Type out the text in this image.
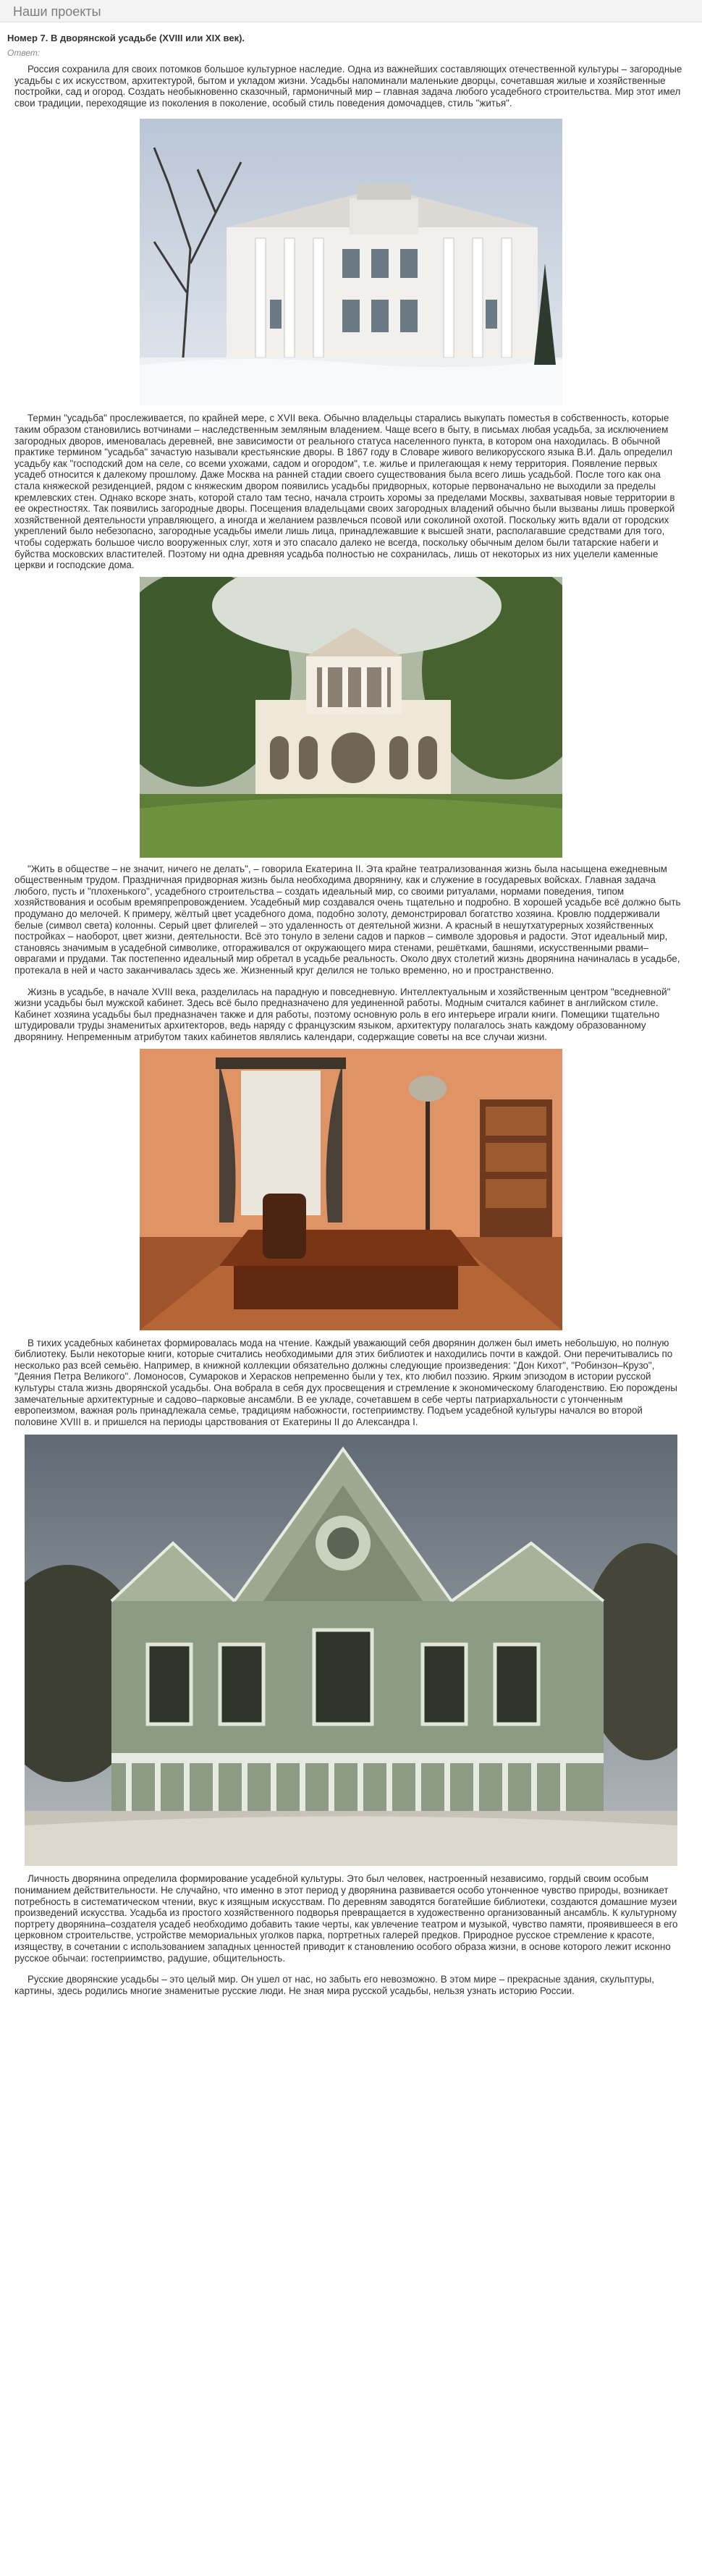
Наши проекты
Номер 7. В дворянской усадьбе (XVIII или XIX век).
Ответ:

Россия сохранила для своих потомков большое культурное наследие. Одна из важнейших составляющих отечественной культуры – загородные усадьбы с их искусством, архитектурой, бытом и укладом жизни. Усадьбы напоминали маленькие дворцы, сочетавшая жилые и хозяйственные постройки, сад и огород. Создать необыкновенно сказочный, гармоничный мир – главная задача любого усадебного строительства. Мир этот имел свои традиции, переходящие из поколения в поколение, особый стиль поведения домочадцев, стиль "житья".

Термин "усадьба" прослеживается, по крайней мере, с XVII века. Обычно владельцы старались выкупать поместья в собственность, которые таким образом становились вотчинами – наследственным земляным владением. Чаще всего в быту, в письмах любая усадьба, за исключением загородных дворов, именовалась деревней, вне зависимости от реального статуса населенного пункта, в котором она находилась. В обычной практике термином "усадьба" зачастую называли крестьянские дворы. В 1867 году в Словаре живого великорусского языка В.И. Даль определил усадьбу как "господский дом на селе, со всеми ухожами, садом и огородом", т.е. жилье и прилегающая к нему территория. Появление первых усадеб относится к далекому прошлому. Даже Москва на ранней стадии своего существования была всего лишь усадьбой. После того как она стала княжеской резиденцией, рядом с княжеским двором появились усадьбы придворных, которые первоначально не выходили за пределы кремлевских стен. Однако вскоре знать, которой стало там тесно, начала строить хоромы за пределами Москвы, захватывая новые территории в ее окрестностях. Так появились загородные дворы. Посещения владельцами своих загородных владений обычно были вызваны лишь проверкой хозяйственной деятельности управляющего, а иногда и желанием развлечься псовой или соколиной охотой. Поскольку жить вдали от городских укреплений было небезопасно, загородные усадьбы имели лишь лица, принадлежавшие к высшей знати, располагавшие средствами для того, чтобы содержать большое число вооруженных слуг, хотя и это спасало далеко не всегда, поскольку обычным делом были татарские набеги и буйства московских властителей. Поэтому ни одна древняя усадьба полностью не сохранилась, лишь от некоторых из них уцелели каменные церкви и господские дома.

"Жить в обществе – не значит, ничего не делать", – говорила Екатерина II. Эта крайне театрализованная жизнь была насыщена ежедневным общественным трудом. Праздничная придворная жизнь была необходима дворянину, как и служение в государевых войсках. Главная задача любого, пусть и "плохенького", усадебного строительства – создать идеальный мир, со своими ритуалами, нормами поведения, типом хозяйствования и особым времяпрепровождением. Усадебный мир создавался очень тщательно и подробно. В хорошей усадьбе всё должно быть продумано до мелочей. К примеру, жёлтый цвет усадебного дома, подобно золоту, демонстрировал богатство хозяина. Кровлю поддерживали белые (символ света) колонны. Серый цвет флигелей – это удаленность от деятельной жизни. А красный в нешутхатурерных хозяйственных постройках – наоборот, цвет жизни, деятельности. Всё это тонуло в зелени садов и парков – символе здоровья и радости. Этот идеальный мир, становясь значимым в усадебной символике, отгораживался от окружающего мира стенами, решётками, башнями, искусственными рвами–оврагами и прудами. Так постепенно идеальный мир обретал в усадьбе реальность. Около двух столетий жизнь дворянина начиналась в усадьбе, протекала в ней и часто заканчивалась здесь же. Жизненный круг делился не только временно, но и пространственно.

Жизнь в усадьбе, в начале XVIII века, разделилась на парадную и повседневную. Интеллектуальным и хозяйственным центром "вседневной" жизни усадьбы был мужской кабинет. Здесь всё было предназначено для уединенной работы. Модным считался кабинет в английском стиле. Кабинет хозяина усадьбы был предназначен также и для работы, поэтому основную роль в его интерьере играли книги. Помещики тщательно штудировали труды знаменитых архитекторов, ведь наряду с французским языком, архитектуру полагалось знать каждому образованному дворянину. Непременным атрибутом таких кабинетов являлись календари, содержащие советы на все случаи жизни.

В тихих усадебных кабинетах формировалась мода на чтение. Каждый уважающий себя дворянин должен был иметь небольшую, но полную библиотеку. Были некоторые книги, которые считались необходимыми для этих библиотек и находились почти в каждой. Они перечитывались по несколько раз всей семьёю. Например, в книжной коллекции обязательно должны следующие произведения: "Дон Кихот", "Робинзон–Крузо", "Деяния Петра Великого". Ломоносов, Сумароков и Херасков непременно были у тех, кто любил поэзию. Ярким эпизодом в истории русской культуры стала жизнь дворянской усадьбы. Она вобрала в себя дух просвещения и стремление к экономическому благоденствию. Ею порождены замечательные архитектурные и садово–парковые ансамбли. В ее укладе, сочетавшем в себе черты патриархальности с утонченным европеизмом, важная роль принадлежала семье, традициям набожности, гостеприимству. Подъем усадебной культуры начался во второй половине XVIII в. и пришелся на периоды царствования от Екатерины II до Александра I.

Личность дворянина определила формирование усадебной культуры. Это был человек, настроенный независимо, гордый своим особым пониманием действительности. Не случайно, что именно в этот период у дворянина развивается особо утонченное чувство природы, возникает потребность в систематическом чтении, вкус к изящным искусствам. По деревням заводятся богатейшие библиотеки, создаются домашние музеи произведений искусства. Усадьба из простого хозяйственного подворья превращается в художественно организованный ансамбль. К культурному портрету дворянина–создателя усадеб необходимо добавить такие черты, как увлечение театром и музыкой, чувство памяти, проявившееся в его церковном строительстве, устройстве мемориальных уголков парка, портретных галерей предков. Природное русское стремление к красоте, изяществу, в сочетании с использованием западных ценностей приводит к становлению особого образа жизни, в основе которого лежит исконно русское обычаи: гостеприимство, радушие, общительность.

Русские дворянские усадьбы – это целый мир. Он ушел от нас, но забыть его невозможно. В этом мире – прекрасные здания, скульптуры, картины, здесь родились многие знаменитые русские люди. Не зная мира русской усадьбы, нельзя узнать историю России.
